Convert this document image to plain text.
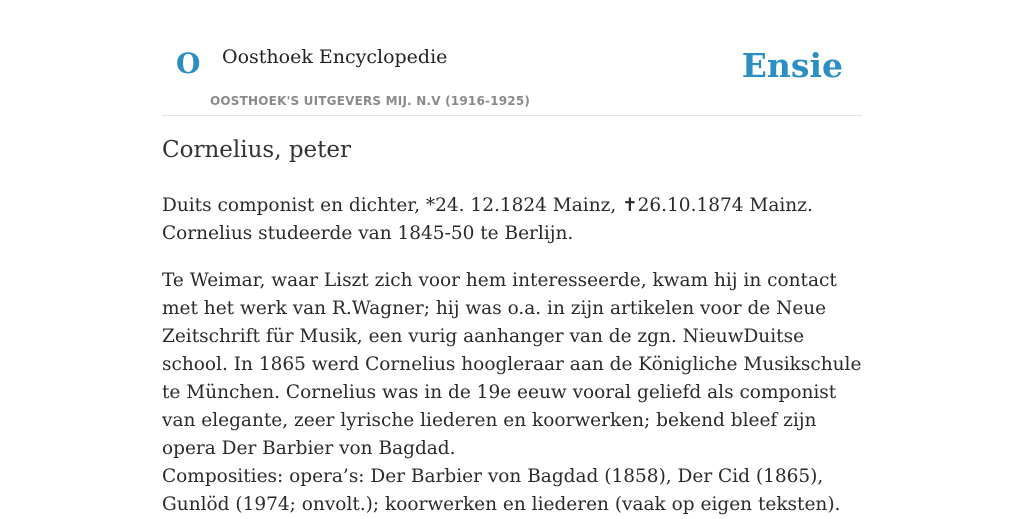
O Oosthoek Encyclopedie
OOSTHOEK'S UITGEVERS MIJ. N.V (1916-1925)
Ensie
Cornelius, peter

Duits componist en dichter, *24. 12.1824 Mainz, ✝26.10.1874 Mainz. Cornelius studeerde van 1845-50 te Berlijn.

Te Weimar, waar Liszt zich voor hem interesseerde, kwam hij in contact met het werk van R.Wagner; hij was o.a. in zijn artikelen voor de Neue Zeitschrift für Musik, een vurig aanhanger van de zgn. NieuwDuitse school. In 1865 werd Cornelius hoogleraar aan de Königliche Musikschule te München. Cornelius was in de 19e eeuw vooral geliefd als componist van elegante, zeer lyrische liederen en koorwerken; bekend bleef zijn opera Der Barbier von Bagdad.

Composities: opera’s: Der Barbier von Bagdad (1858), Der Cid (1865), Gunlöd (1974; onvolt.); koorwerken en liederen (vaak op eigen teksten).
